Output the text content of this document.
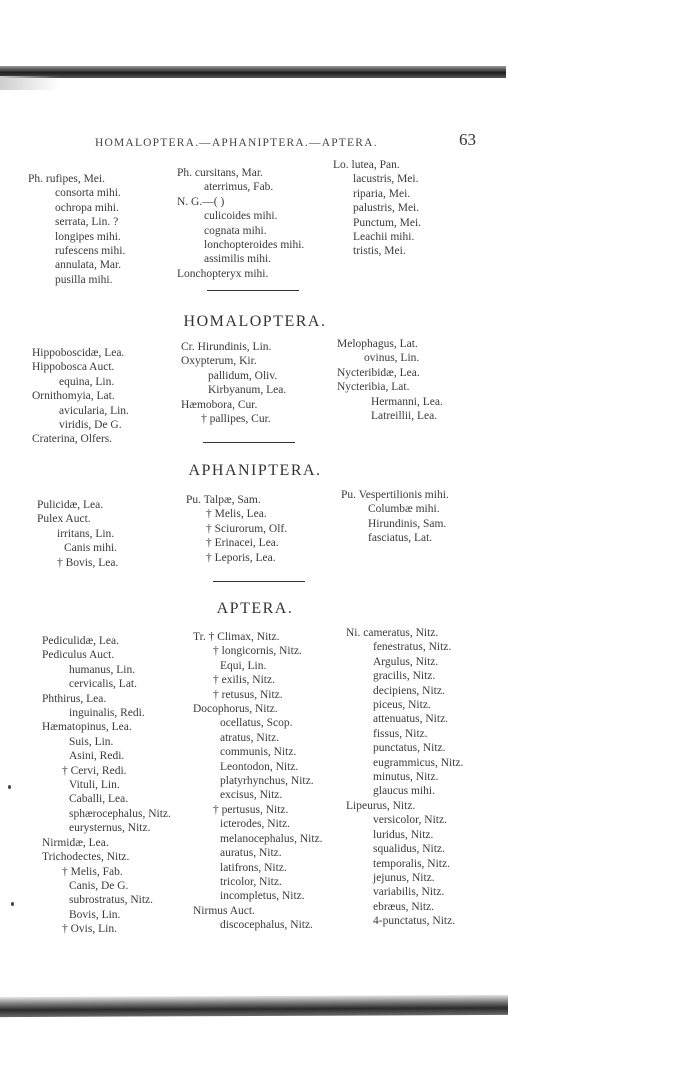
HOMALOPTERA.—APHANIPTERA.—APTERA.	63
Ph. rufipes, Mei.
consorta mihi.
ochropa mihi.
serrata, Lin. ?
longipes mihi.
rufescens mihi.
annulata, Mar.
pusilla mihi.
Ph. cursitans, Mar.
aterrimus, Fab.
N. G.—( )
culicoides mihi.
cognata mihi.
lonchopteroides mihi.
assimilis mihi.
Lonchopteryx mihi.
Lo. lutea, Pan.
lacustris, Mei.
riparia, Mei.
palustris, Mei.
Punctum, Mei.
Leachii mihi.
tristis, Mei.
HOMALOPTERA.
Hippoboscidæ, Lea.
Hippobosca Auct.
equina, Lin.
Ornithomyia, Lat.
avicularia, Lin.
viridis, De G.
Craterina, Olfers.
Cr. Hirundinis, Lin.
Oxypterum, Kir.
pallidum, Oliv.
Kirbyanum, Lea.
Hæmobora, Cur.
† pallipes, Cur.
Melophagus, Lat.
ovinus, Lin.
Nycteribidæ, Lea.
Nycteribia, Lat.
Hermanni, Lea.
Latreillii, Lea.
APHANIPTERA.
Pulicidæ, Lea.
Pulex Auct.
irritans, Lin.
Canis mihi.
† Bovis, Lea.
Pu. Talpæ, Sam.
† Melis, Lea.
† Sciurorum, Olf.
† Erinacei, Lea.
† Leporis, Lea.
Pu. Vespertilionis mihi.
Columbæ mihi.
Hirundinis, Sam.
fasciatus, Lat.
APTERA.
Pediculidæ, Lea.
Pediculus Auct.
humanus, Lin.
cervicalis, Lat.
Phthirus, Lea.
inguinalis, Redi.
Hæmatopinus, Lea.
Suis, Lin.
Asini, Redi.
† Cervi, Redi.
Vituli, Lin.
Caballi, Lea.
sphærocephalus, Nitz.
eurysternus, Nitz.
Nirmidæ, Lea.
Trichodectes, Nitz.
† Melis, Fab.
Canis, De G.
subrostratus, Nitz.
Bovis, Lin.
† Ovis, Lin.
Tr. † Climax, Nitz.
† longicornis, Nitz.
Equi, Lin.
† exilis, Nitz.
† retusus, Nitz.
Docophorus, Nitz.
ocellatus, Scop.
atratus, Nitz.
communis, Nitz.
Leontodon, Nitz.
platyrhynchus, Nitz.
excisus, Nitz.
† pertusus, Nitz.
icterodes, Nitz.
melanocephalus, Nitz.
auratus, Nitz.
latifrons, Nitz.
tricolor, Nitz.
incompletus, Nitz.
Nirmus Auct.
discocephalus, Nitz.
Ni. cameratus, Nitz.
fenestratus, Nitz.
Argulus, Nitz.
gracilis, Nitz.
decipiens, Nitz.
piceus, Nitz.
attenuatus, Nitz.
fissus, Nitz.
punctatus, Nitz.
eugrammicus, Nitz.
minutus, Nitz.
glaucus mihi.
Lipeurus, Nitz.
versicolor, Nitz.
luridus, Nitz.
squalidus, Nitz.
temporalis, Nitz.
jejunus, Nitz.
variabilis, Nitz.
ebræus, Nitz.
4-punctatus, Nitz.
